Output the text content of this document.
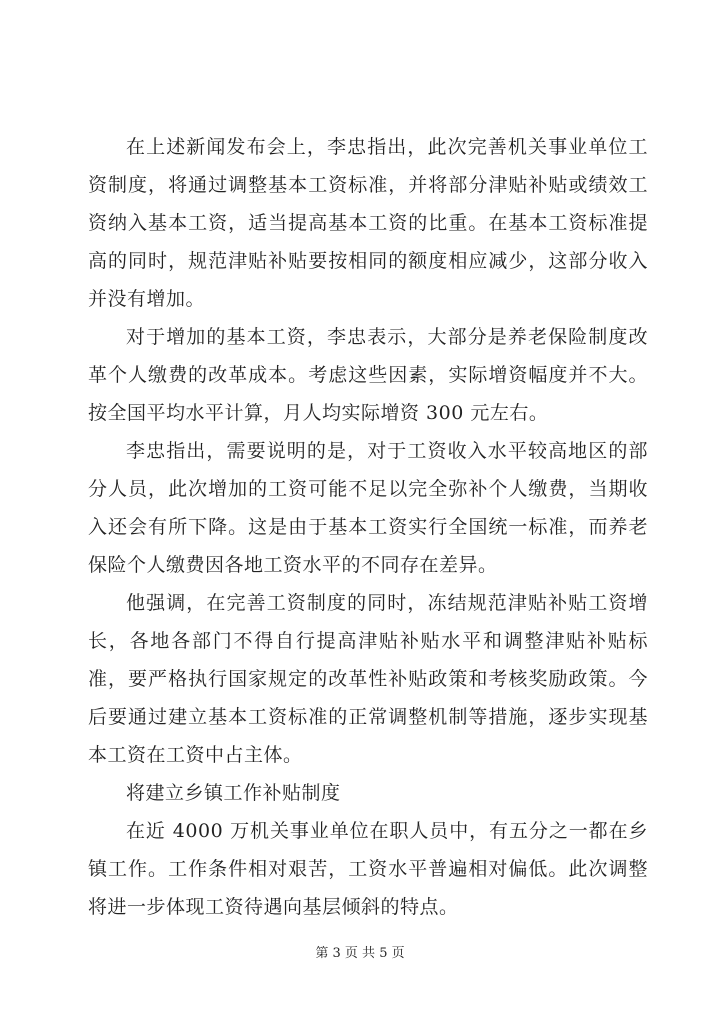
在上述新闻发布会上，李忠指出，此次完善机关事业单位工资制度，将通过调整基本工资标准，并将部分津贴补贴或绩效工资纳入基本工资，适当提高基本工资的比重。在基本工资标准提高的同时，规范津贴补贴要按相同的额度相应减少，这部分收入并没有增加。

对于增加的基本工资，李忠表示，大部分是养老保险制度改革个人缴费的改革成本。考虑这些因素，实际增资幅度并不大。按全国平均水平计算，月人均实际增资 300 元左右。

李忠指出，需要说明的是，对于工资收入水平较高地区的部分人员，此次增加的工资可能不足以完全弥补个人缴费，当期收入还会有所下降。这是由于基本工资实行全国统一标准，而养老保险个人缴费因各地工资水平的不同存在差异。

他强调，在完善工资制度的同时，冻结规范津贴补贴工资增长，各地各部门不得自行提高津贴补贴水平和调整津贴补贴标准，要严格执行国家规定的改革性补贴政策和考核奖励政策。今后要通过建立基本工资标准的正常调整机制等措施，逐步实现基本工资在工资中占主体。

将建立乡镇工作补贴制度

在近 4000 万机关事业单位在职人员中，有五分之一都在乡镇工作。工作条件相对艰苦，工资水平普遍相对偏低。此次调整将进一步体现工资待遇向基层倾斜的特点。

第 3 页 共 5 页
